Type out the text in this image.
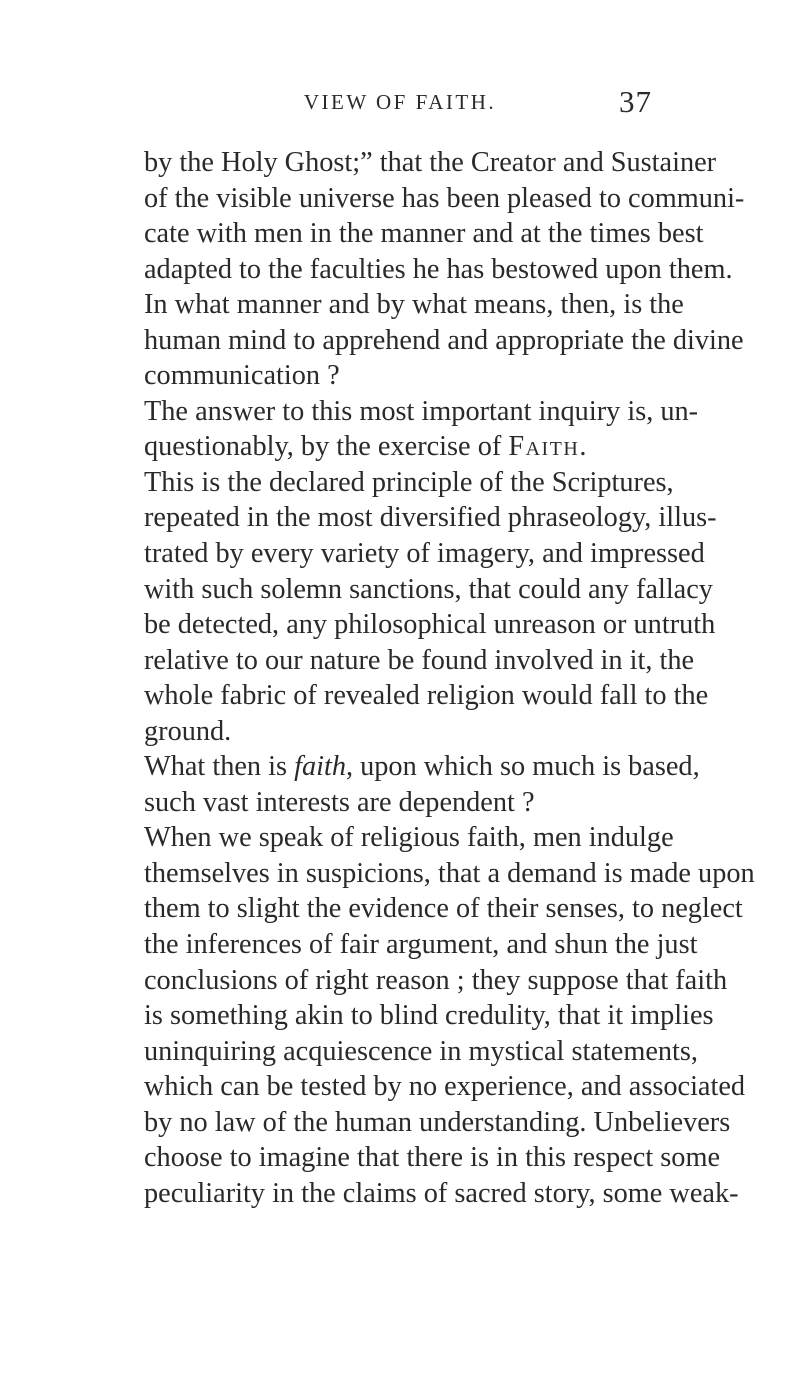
VIEW OF FAITH.	37
by the Holy Ghost;” that the Creator and Sustainer
of the visible universe has been pleased to communi-
cate with men in the manner and at the times best
adapted to the faculties he has bestowed upon them.
In what manner and by what means, then, is the
human mind to apprehend and appropriate the divine
communication ?
The answer to this most important inquiry is, un-
questionably, by the exercise of Faith.
This is the declared principle of the Scriptures,
repeated in the most diversified phraseology, illus-
trated by every variety of imagery, and impressed
with such solemn sanctions, that could any fallacy
be detected, any philosophical unreason or untruth
relative to our nature be found involved in it, the
whole fabric of revealed religion would fall to the
ground.
What then is faith, upon which so much is based,
such vast interests are dependent ?
When we speak of religious faith, men indulge
themselves in suspicions, that a demand is made upon
them to slight the evidence of their senses, to neglect
the inferences of fair argument, and shun the just
conclusions of right reason ; they suppose that faith
is something akin to blind credulity, that it implies
uninquiring acquiescence in mystical statements,
which can be tested by no experience, and associated
by no law of the human understanding. Unbelievers
choose to imagine that there is in this respect some
peculiarity in the claims of sacred story, some weak-
